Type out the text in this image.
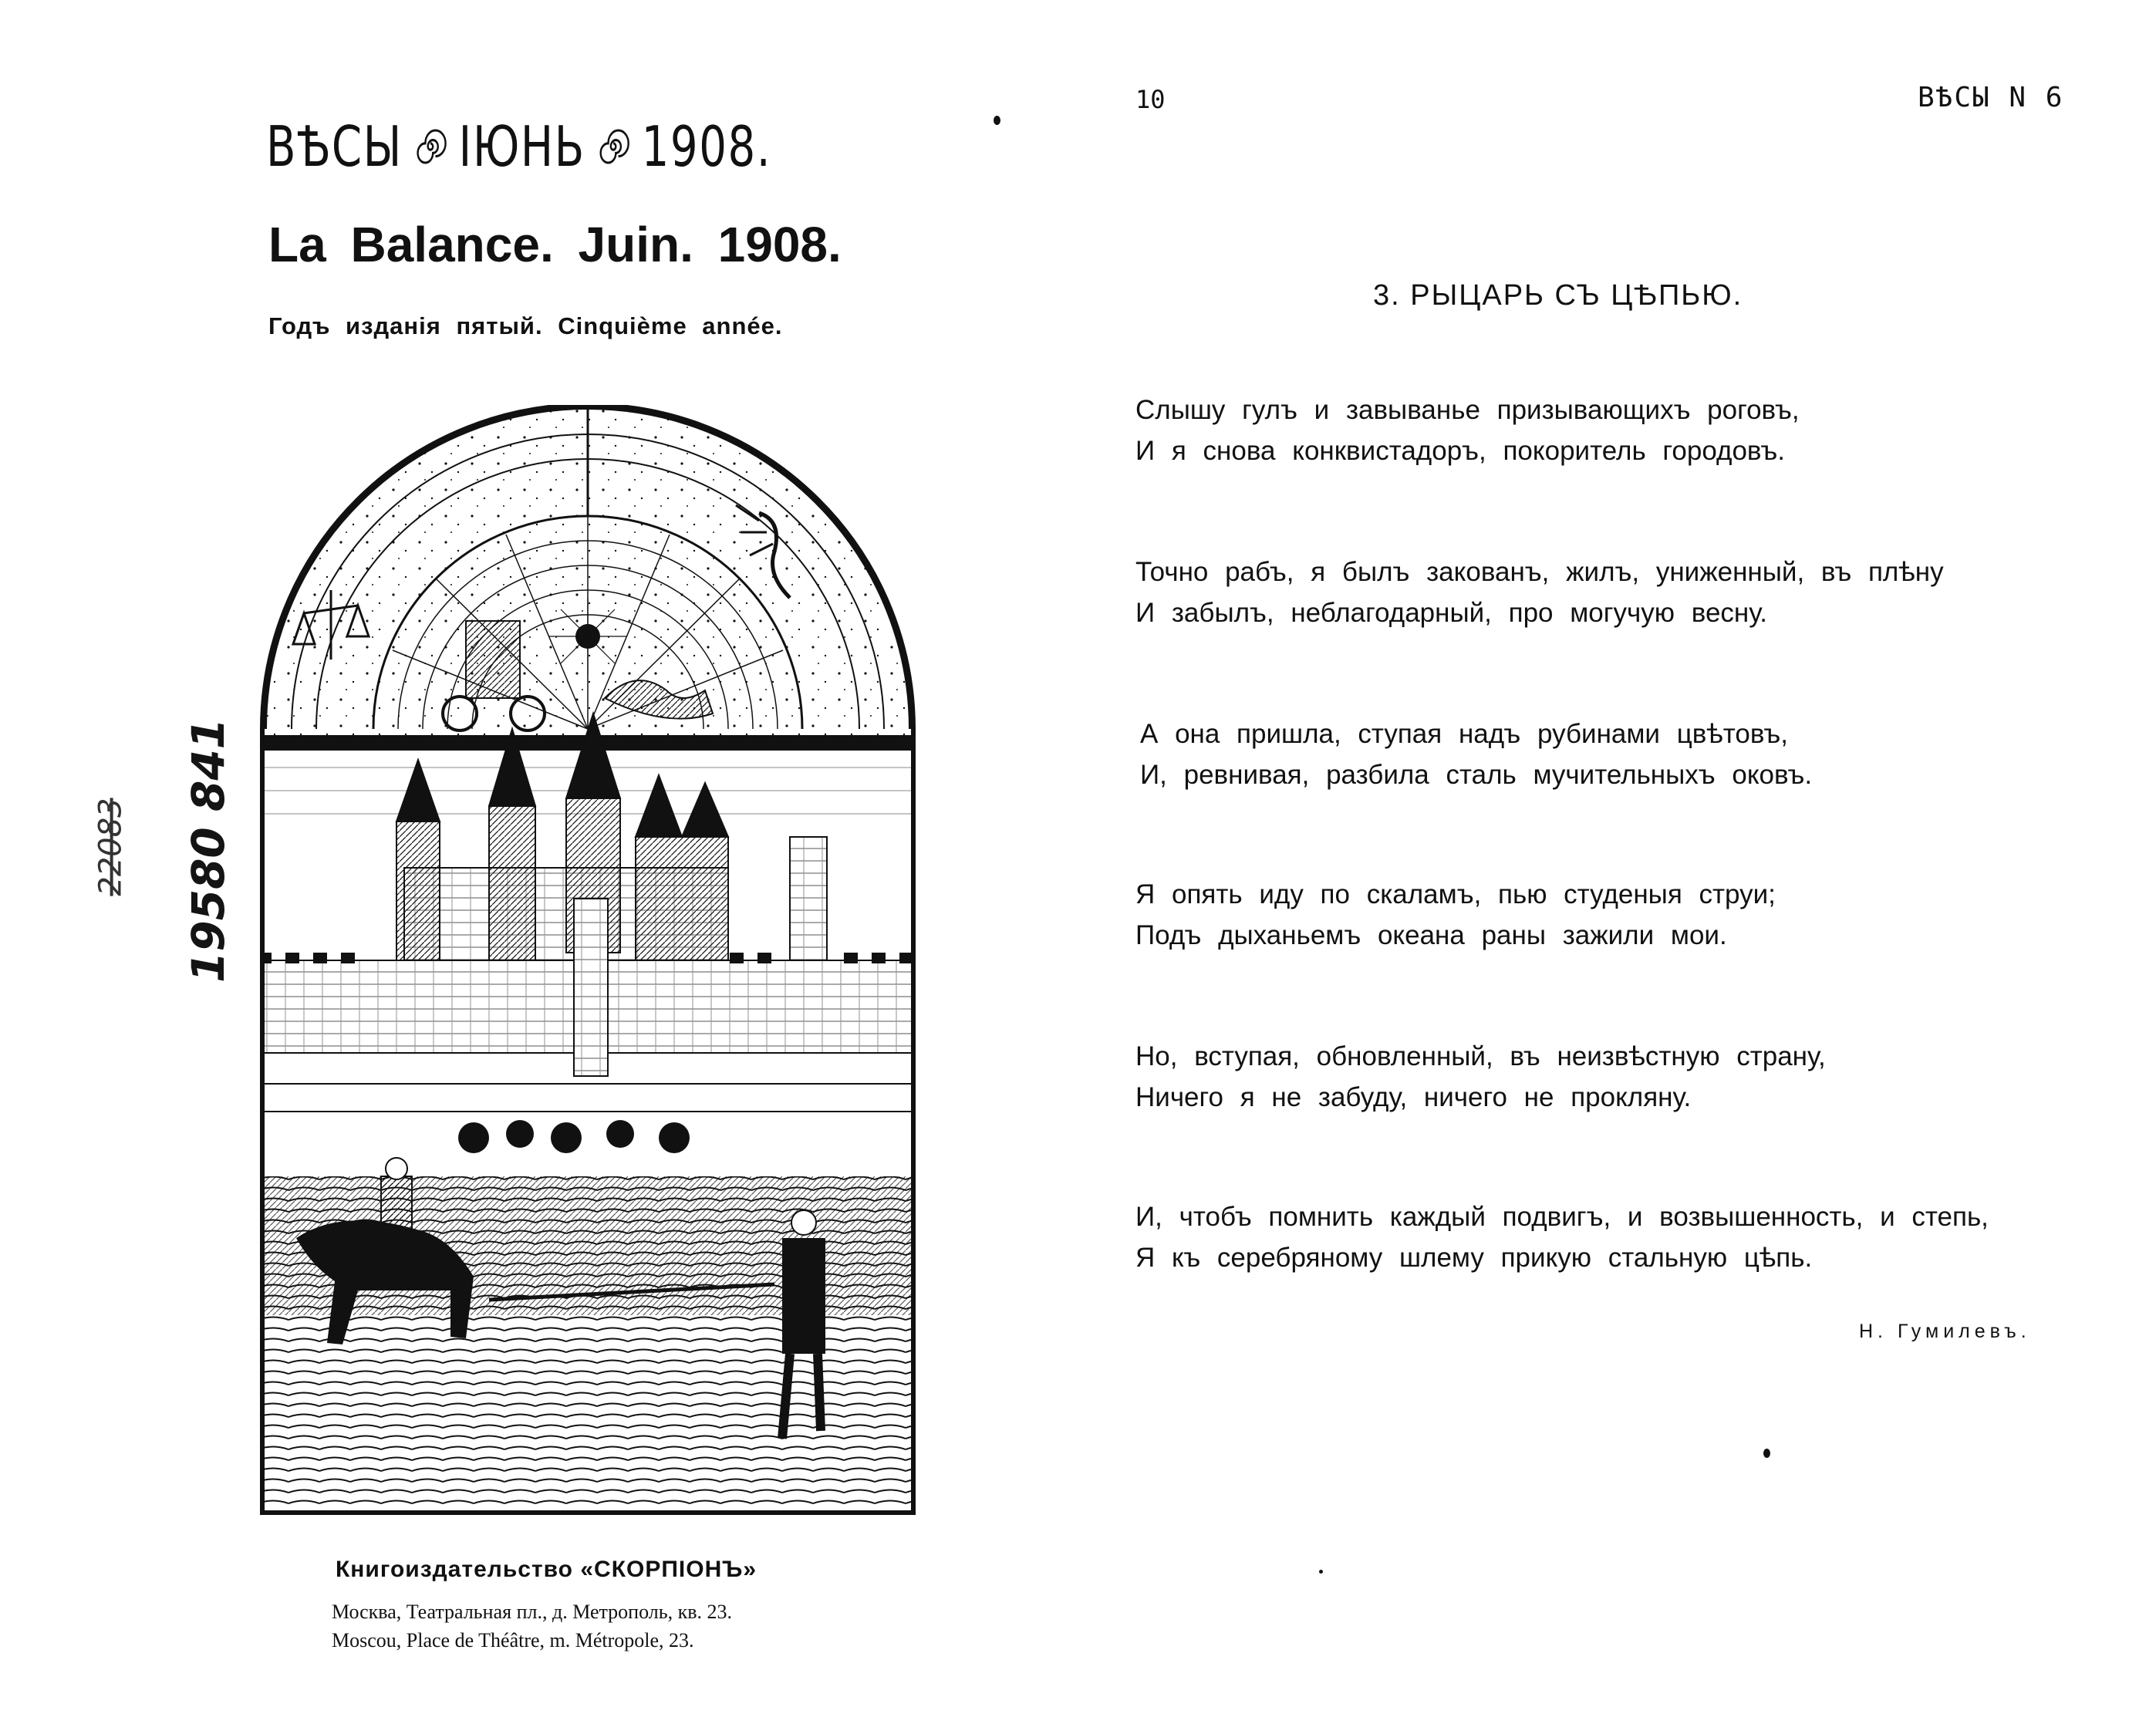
ВѢСЫ ІЮНЬ 1908.
La Balance. Juin. 1908.
Годъ изданія пятый. Cinquième année.
Книгоиздательство «СКОРПІОНЪ»
Москва, Театральная пл., д. Метрополь, кв. 23.
Moscou, Place de Théâtre, m. Métropole, 23.
19580 841
22083
10	ВѢСЫ N 6
3. РЫЦАРЬ СЪ ЦѢПЬЮ.
Слышу гулъ и завыванье призывающихъ роговъ,
И я снова конквистадоръ, покоритель городовъ.
Точно рабъ, я былъ закованъ, жилъ, униженный, въ плѣну
И забылъ, неблагодарный, про могучую весну.
А она пришла, ступая надъ рубинами цвѣтовъ,
И, ревнивая, разбила сталь мучительныхъ оковъ.
Я опять иду по скаламъ, пью студеныя струи;
Подъ дыханьемъ океана раны зажили мои.
Но, вступая, обновленный, въ неизвѣстную страну,
Ничего я не забуду, ничего не прокляну.
И, чтобъ помнить каждый подвигъ, и возвышенность, и степь,
Я къ серебряному шлему прикую стальную цѣпь.
Н. Гумилевъ.
